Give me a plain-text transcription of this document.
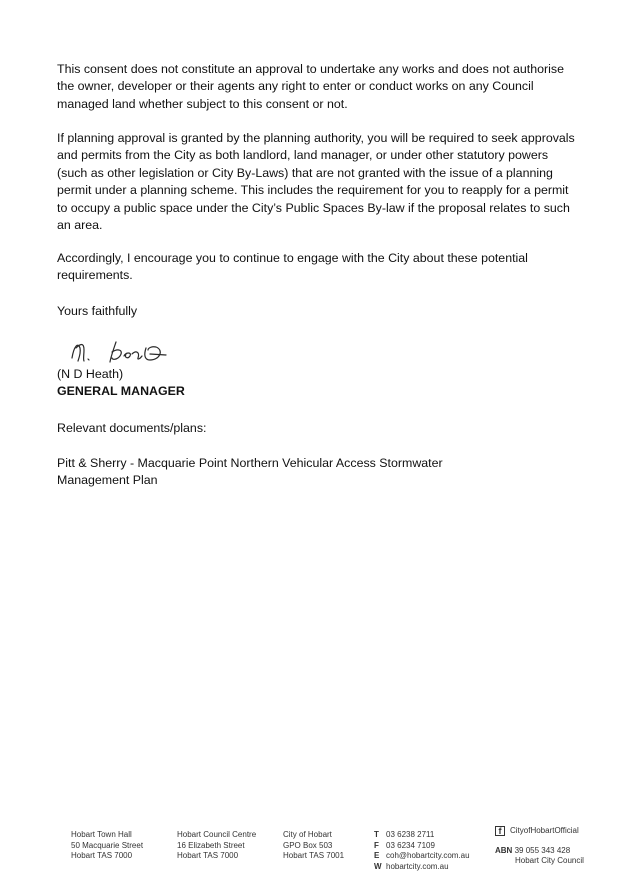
This consent does not constitute an approval to undertake any works and does not authorise the owner, developer or their agents any right to enter or conduct works on any Council managed land whether subject to this consent or not.

If planning approval is granted by the planning authority, you will be required to seek approvals and permits from the City as both landlord, land manager, or under other statutory powers (such as other legislation or City By-Laws) that are not granted with the issue of a planning permit under a planning scheme. This includes the requirement for you to reapply for a permit to occupy a public space under the City’s Public Spaces By-law if the proposal relates to such an area.

Accordingly, I encourage you to continue to engage with the City about these potential requirements.

Yours faithfully

(N D Heath)

GENERAL MANAGER

Relevant documents/plans:

Pitt & Sherry - Macquarie Point Northern Vehicular Access Stormwater Management Plan

Hobart Town Hall
50 Macquarie Street
Hobart TAS 7000
Hobart Council Centre
16 Elizabeth Street
Hobart TAS 7000
City of Hobart
GPO Box 503
Hobart TAS 7001
T 03 6238 2711
F 03 6234 7109
E coh@hobartcity.com.au
W hobartcity.com.au
f	CityofHobartOfficial
ABN 39 055 343 428
Hobart City Council
